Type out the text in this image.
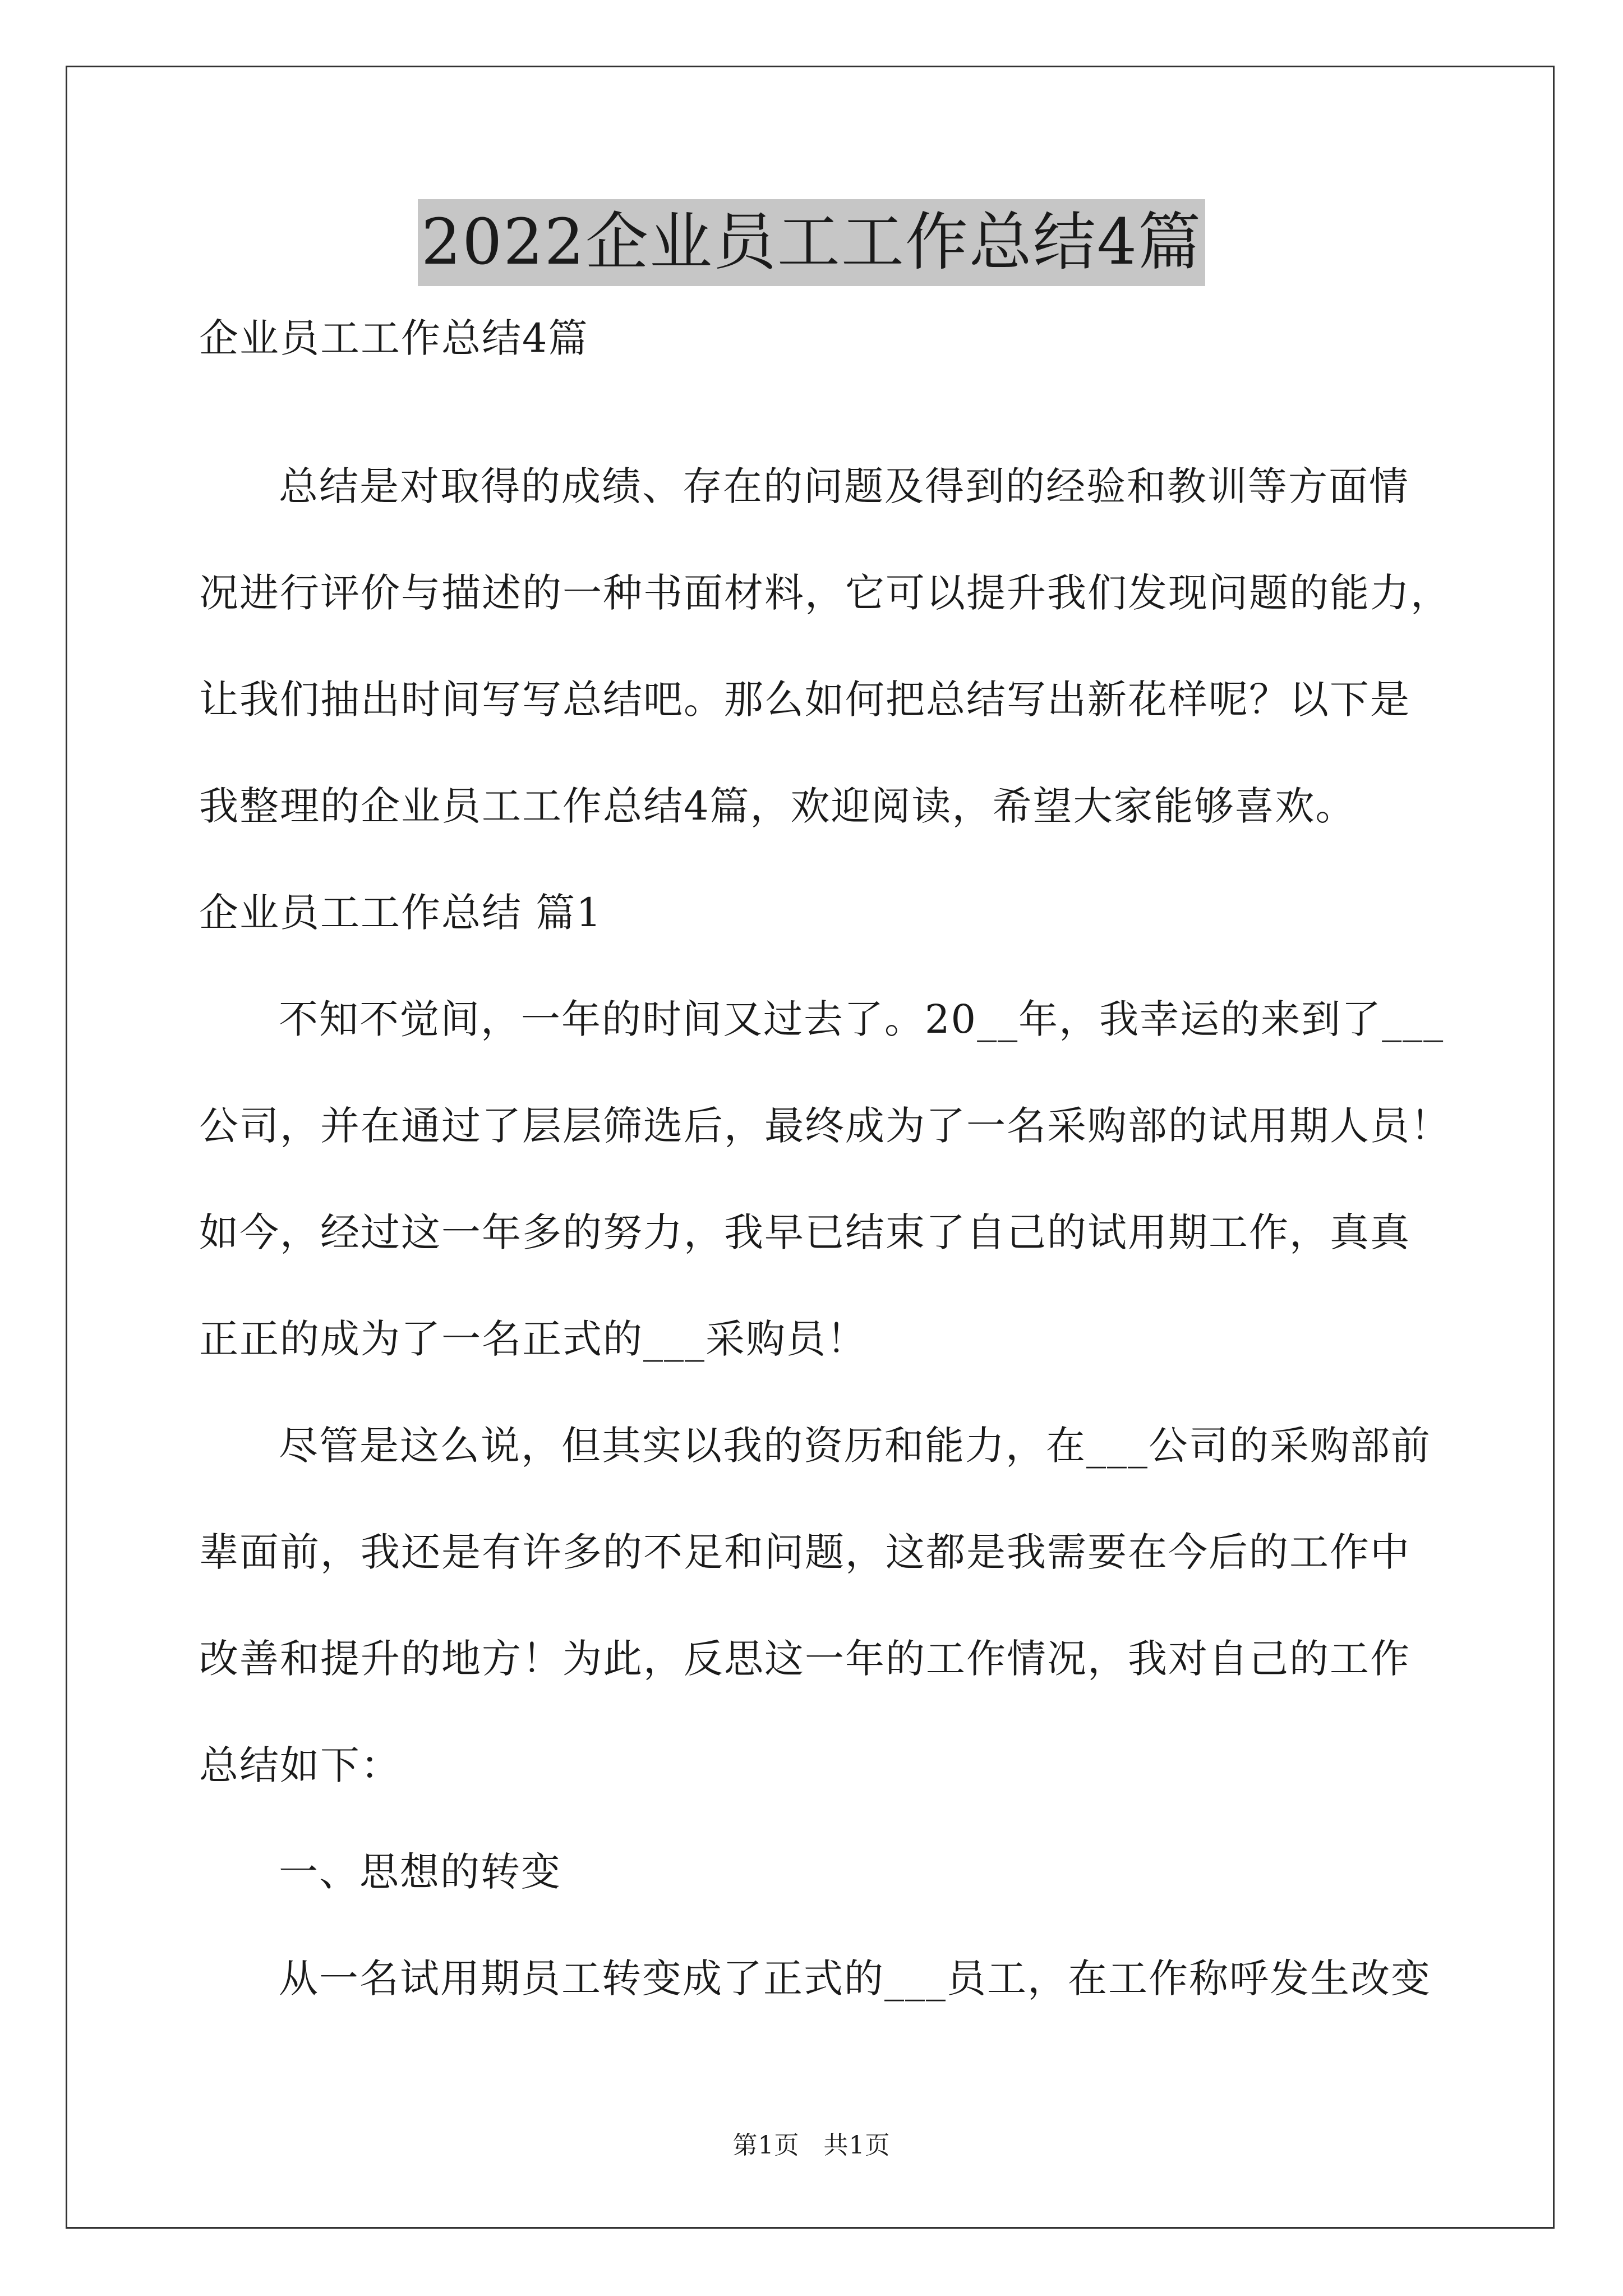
2022企业员工工作总结4篇
企业员工工作总结4篇
总结是对取得的成绩、存在的问题及得到的经验和教训等方面情
况进行评价与描述的一种书面材料，它可以提升我们发现问题的能力，
让我们抽出时间写写总结吧。那么如何把总结写出新花样呢？以下是
我整理的企业员工工作总结4篇，欢迎阅读，希望大家能够喜欢。
企业员工工作总结 篇1
不知不觉间，一年的时间又过去了。20__年，我幸运的来到了___
公司，并在通过了层层筛选后，最终成为了一名采购部的试用期人员！
如今，经过这一年多的努力，我早已结束了自己的试用期工作，真真
正正的成为了一名正式的___采购员！
尽管是这么说，但其实以我的资历和能力，在___公司的采购部前
辈面前，我还是有许多的不足和问题，这都是我需要在今后的工作中
改善和提升的地方！为此，反思这一年的工作情况，我对自己的工作
总结如下：
一、思想的转变
从一名试用期员工转变成了正式的___员工，在工作称呼发生改变
第1页 共1页
